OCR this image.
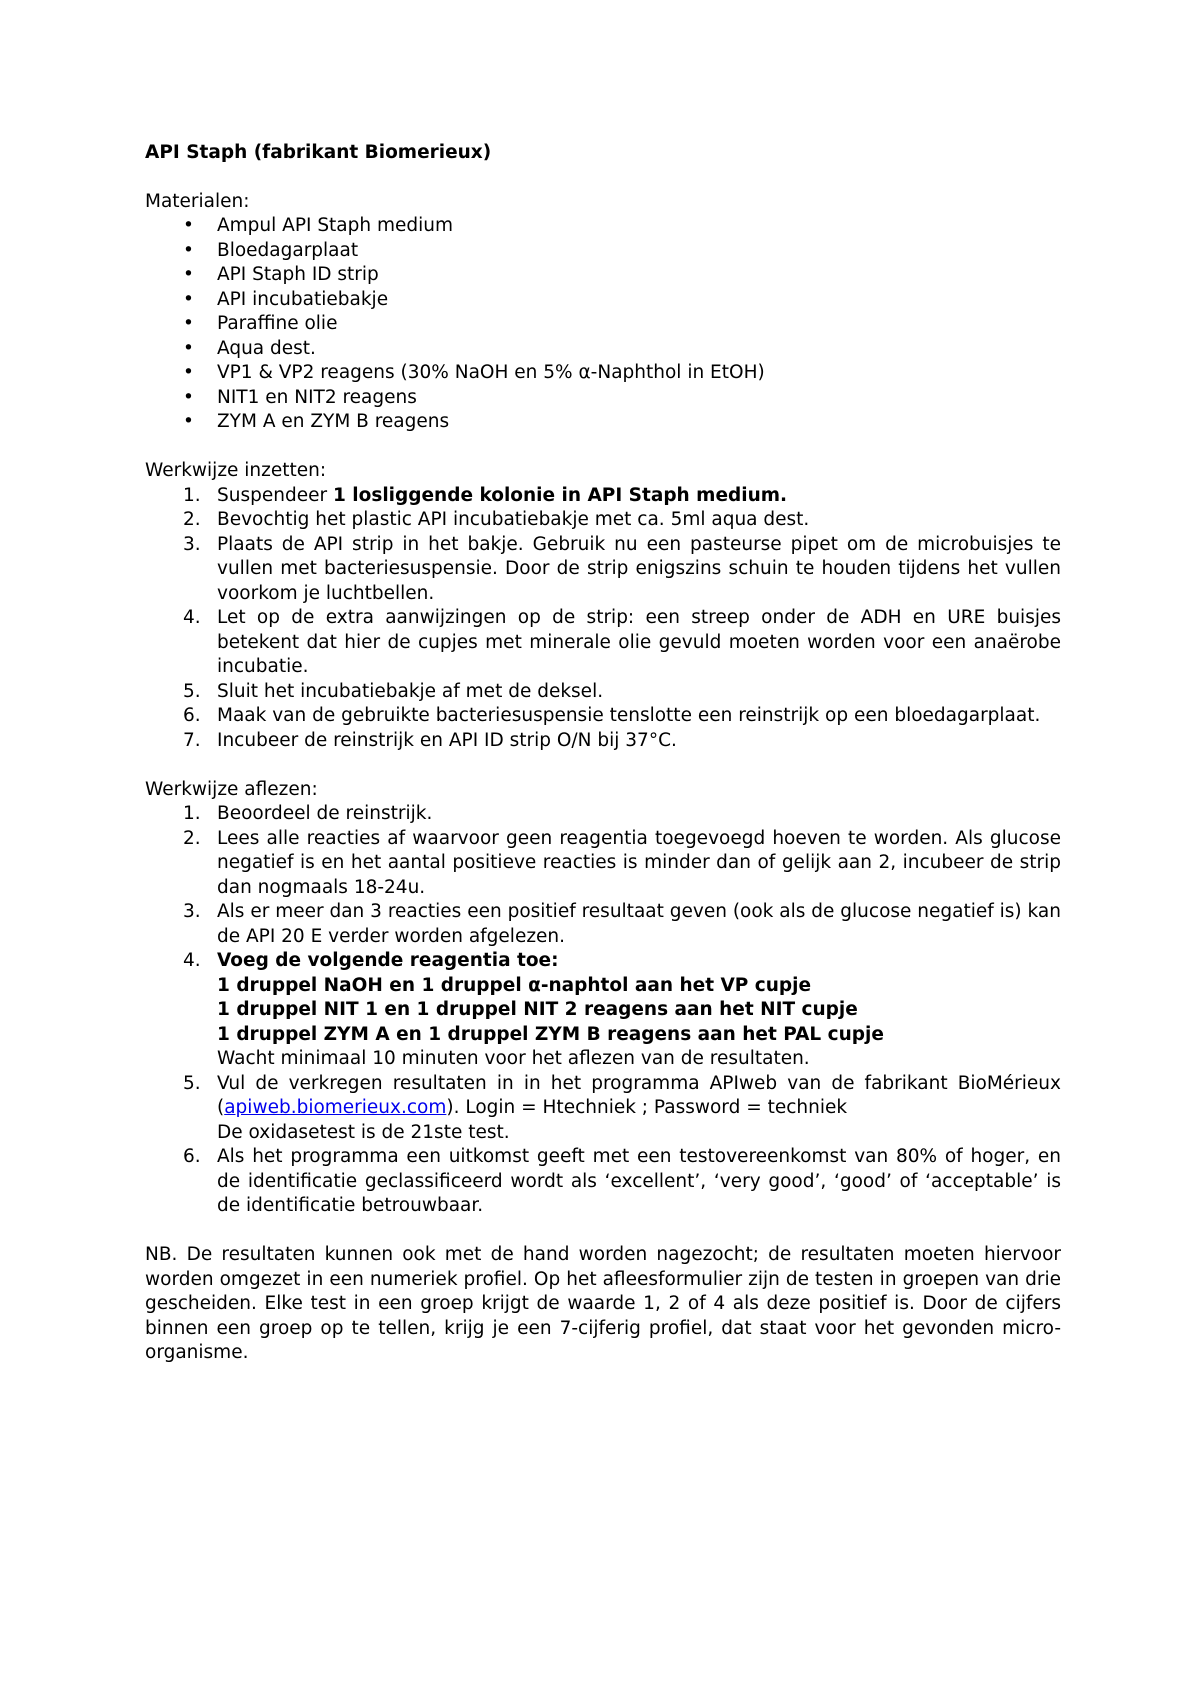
API Staph (fabrikant Biomerieux)

Materialen:

• Ampul API Staph medium
• Bloedagarplaat
• API Staph ID strip
• API incubatiebakje
• Paraffine olie
• Aqua dest.
• VP1 & VP2 reagens (30% NaOH en 5% α-Naphthol in EtOH)
• NIT1 en NIT2 reagens
• ZYM A en ZYM B reagens

Werkwijze inzetten:

1. Suspendeer 1 losliggende kolonie in API Staph medium.
2. Bevochtig het plastic API incubatiebakje met ca. 5ml aqua dest.
3. Plaats de API strip in het bakje. Gebruik nu een pasteurse pipet om de microbuisjes te vullen met bacteriesuspensie. Door de strip enigszins schuin te houden tijdens het vullen voorkom je luchtbellen.
4. Let op de extra aanwijzingen op de strip: een streep onder de ADH en URE buisjes betekent dat hier de cupjes met minerale olie gevuld moeten worden voor een anaërobe incubatie.
5. Sluit het incubatiebakje af met de deksel.
6. Maak van de gebruikte bacteriesuspensie tenslotte een reinstrijk op een bloedagarplaat.
7. Incubeer de reinstrijk en API ID strip O/N bij 37°C.

Werkwijze aflezen:

1. Beoordeel de reinstrijk.
2. Lees alle reacties af waarvoor geen reagentia toegevoegd hoeven te worden. Als glucose negatief is en het aantal positieve reacties is minder dan of gelijk aan 2, incubeer de strip dan nogmaals 18-24u.
3. Als er meer dan 3 reacties een positief resultaat geven (ook als de glucose negatief is) kan de API 20 E verder worden afgelezen.
4. Voeg de volgende reagentia toe:
1 druppel NaOH en 1 druppel α-naphtol aan het VP cupje
1 druppel NIT 1 en 1 druppel NIT 2 reagens aan het NIT cupje
1 druppel ZYM A en 1 druppel ZYM B reagens aan het PAL cupje
Wacht minimaal 10 minuten voor het aflezen van de resultaten.
5. Vul de verkregen resultaten in in het programma APIweb van de fabrikant BioMérieux (apiweb.biomerieux.com). Login = Htechniek ; Password = techniek
De oxidasetest is de 21ste test.
6. Als het programma een uitkomst geeft met een testovereenkomst van 80% of hoger, en de identificatie geclassificeerd wordt als ‘excellent’, ‘very good’, ‘good’ of ‘acceptable’ is de identificatie betrouwbaar.

NB. De resultaten kunnen ook met de hand worden nagezocht; de resultaten moeten hiervoor worden omgezet in een numeriek profiel. Op het afleesformulier zijn de testen in groepen van drie gescheiden. Elke test in een groep krijgt de waarde 1, 2 of 4 als deze positief is. Door de cijfers binnen een groep op te tellen, krijg je een 7-cijferig profiel, dat staat voor het gevonden micro-organisme.
